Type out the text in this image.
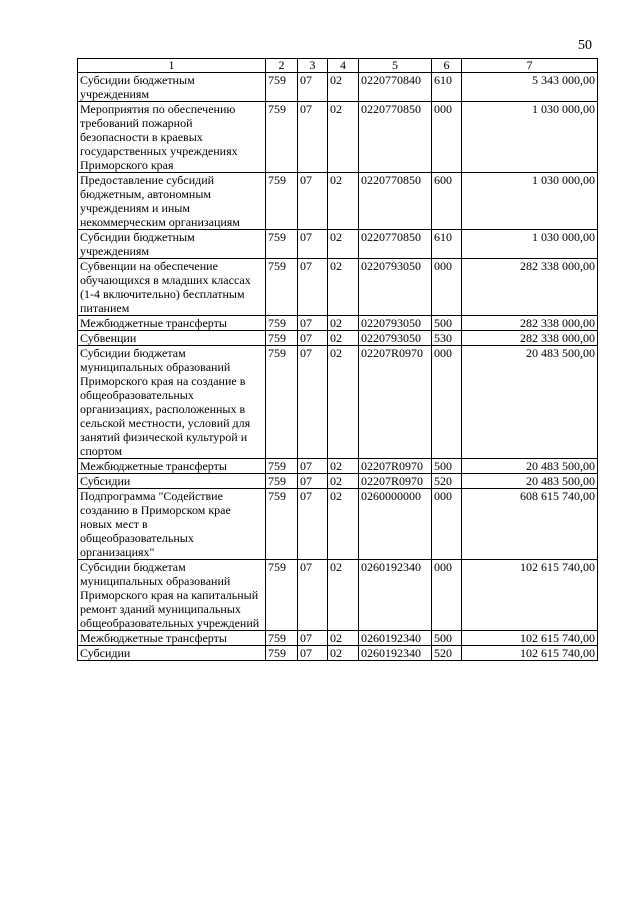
50
1	2	3	4	5	6	7
Субсидии бюджетным учреждениям	759	07	02	0220770840	610	5 343 000,00
Мероприятия по обеспечению требований пожарной безопасности в краевых государственных учреждениях Приморского края	759	07	02	0220770850	000	1 030 000,00
Предоставление субсидий бюджетным, автономным учреждениям и иным некоммерческим организациям	759	07	02	0220770850	600	1 030 000,00
Субсидии бюджетным учреждениям	759	07	02	0220770850	610	1 030 000,00
Субвенции на обеспечение обучающихся в младших классах (1-4 включительно) бесплатным питанием	759	07	02	0220793050	000	282 338 000,00
Межбюджетные трансферты	759	07	02	0220793050	500	282 338 000,00
Субвенции	759	07	02	0220793050	530	282 338 000,00
Субсидии бюджетам муниципальных образований Приморского края на создание в общеобразовательных организациях, расположенных в сельской местности, условий для занятий физической культурой и спортом	759	07	02	02207R0970	000	20 483 500,00
Межбюджетные трансферты	759	07	02	02207R0970	500	20 483 500,00
Субсидии	759	07	02	02207R0970	520	20 483 500,00
Подпрограмма "Содействие созданию в Приморском крае новых мест в общеобразовательных организациях"	759	07	02	0260000000	000	608 615 740,00
Субсидии бюджетам муниципальных образований Приморского края на капитальный ремонт зданий муниципальных общеобразовательных учреждений	759	07	02	0260192340	000	102 615 740,00
Межбюджетные трансферты	759	07	02	0260192340	500	102 615 740,00
Субсидии	759	07	02	0260192340	520	102 615 740,00
